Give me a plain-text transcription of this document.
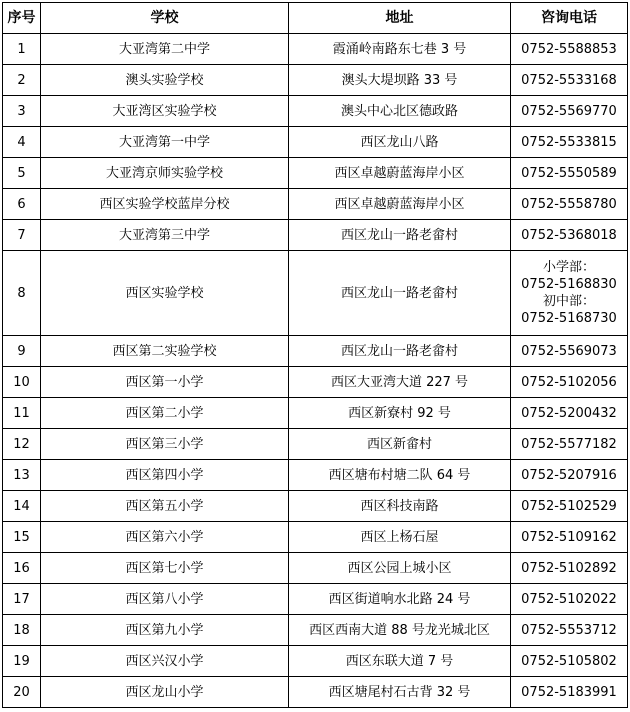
序号	学校	地址	咨询电话
1	大亚湾第二中学	霞涌岭南路东七巷 3 号	0752-5588853

2	澳头实验学校	澳头大堤坝路 33 号	0752-5533168

3	大亚湾区实验学校	澳头中心北区德政路	0752-5569770

4	大亚湾第一中学	西区龙山八路	0752-5533815

5	大亚湾京师实验学校	西区卓越蔚蓝海岸小区	0752-5550589

6	西区实验学校蓝岸分校	西区卓越蔚蓝海岸小区	0752-5558780

7	大亚湾第三中学	西区龙山一路老畲村	0752-5368018

8	西区实验学校	西区龙山一路老畲村	小学部：
0752-5168830
初中部：
0752-5168730

9	西区第二实验学校	西区龙山一路老畲村	0752-5569073

10	西区第一小学	西区大亚湾大道 227 号	0752-5102056

11	西区第二小学	西区新寮村 92 号	0752-5200432

12	西区第三小学	西区新畲村	0752-5577182

13	西区第四小学	西区塘布村塘二队 64 号	0752-5207916

14	西区第五小学	西区科技南路	0752-5102529

15	西区第六小学	西区上杨石屋	0752-5109162

16	西区第七小学	西区公园上城小区	0752-5102892

17	西区第八小学	西区街道响水北路 24 号	0752-5102022

18	西区第九小学	西区西南大道 88 号龙光城北区	0752-5553712

19	西区兴汉小学	西区东联大道 7 号	0752-5105802

20	西区龙山小学	西区塘尾村石古背 32 号	0752-5183991
